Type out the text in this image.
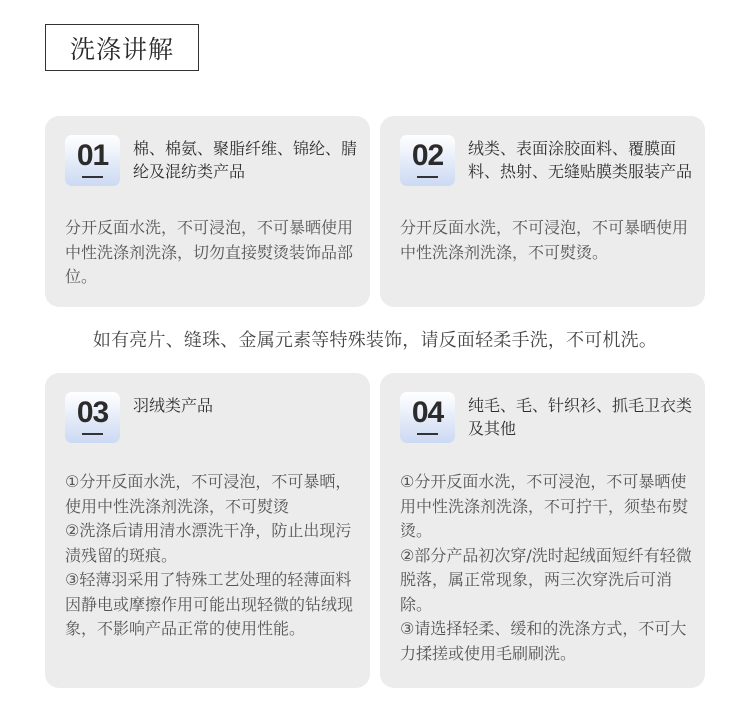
洗涤讲解
01	棉、棉氨、聚脂纤维、锦纶、腈纶及混纺类产品

分开反面水洗，不可浸泡，不可暴晒使用中性洗涤剂洗涤，切勿直接熨烫装饰品部位。

02	绒类、表面涂胶面料、覆膜面料、热射、无缝贴膜类服装产品

分开反面水洗，不可浸泡，不可暴晒使用中性洗涤剂洗涤，不可熨烫。

如有亮片、缝珠、金属元素等特殊装饰，请反面轻柔手洗，不可机洗。
03	羽绒类产品

①分开反面水洗，不可浸泡，不可暴晒，使用中性洗涤剂洗涤，不可熨烫

②洗涤后请用清水漂洗干净，防止出现污渍残留的斑痕。

③轻薄羽采用了特殊工艺处理的轻薄面料因静电或摩擦作用可能出现轻微的钻绒现象，不影响产品正常的使用性能。

04	纯毛、毛、针织衫、抓毛卫衣类及其他

①分开反面水洗，不可浸泡，不可暴晒使用中性洗涤剂洗涤，不可拧干，须垫布熨烫。

②部分产品初次穿/洗时起绒面短纤有轻微脱落，属正常现象，两三次穿洗后可消除。

③请选择轻柔、缓和的洗涤方式，不可大力揉搓或使用毛刷刷洗。
